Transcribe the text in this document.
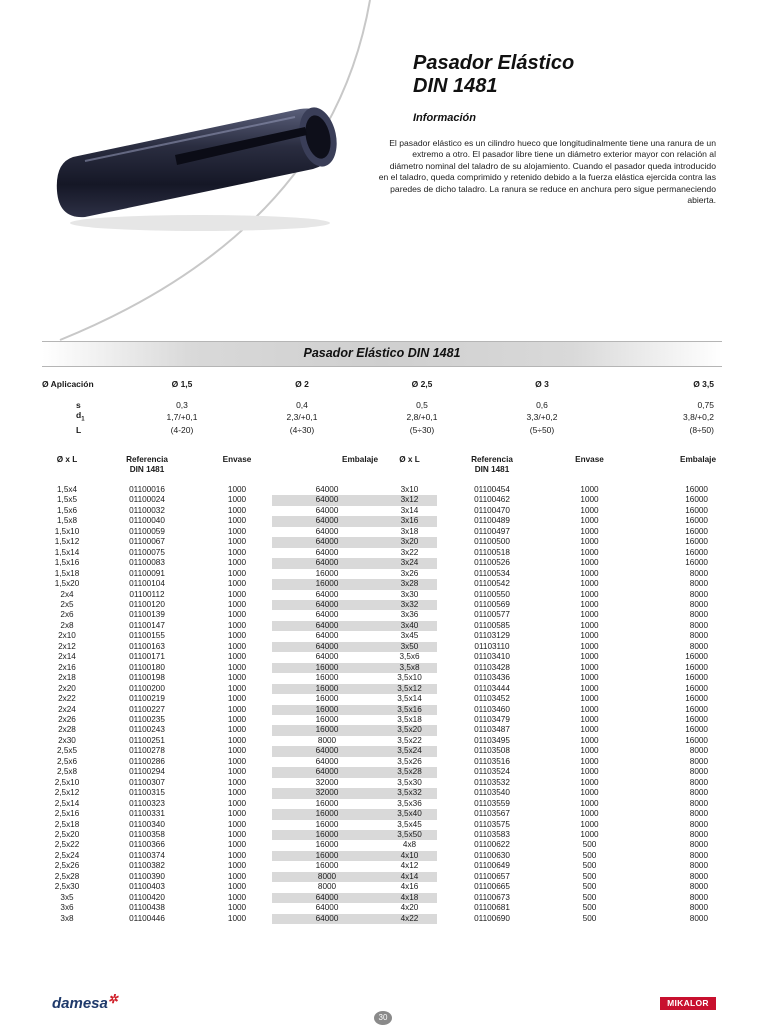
Pasador Elástico
DIN 1481
Información
El pasador elástico es un cilindro hueco que longitudinalmente tiene una ranura de un extremo a otro. El pasador libre tiene un diámetro exterior mayor con relación al diámetro nominal del taladro de su alojamiento. Cuando el pasador queda introducido en el taladro, queda comprimido y retenido debido a la fuerza elástica ejercida contra las paredes de dicho taladro. La ranura se reduce en anchura pero sigue permaneciendo abierta.
Pasador Elástico DIN 1481
Ø Aplicación	Ø 1,5	Ø 2	Ø 2,5	Ø 3	Ø 3,5
s	0,3	0,4	0,5	0,6	0,75
$d_1$	1,7/+0,1	2,3/+0,1	2,8/+0,1	3,3/+0,2	3,8/+0,2
L	(4-20)	(4÷30)	(5÷30)	(5÷50)	(8÷50)
Ø x L	Referencia DIN 1481	Envase	Embalaje	Ø x L	Referencia DIN 1481	Envase	Embalaje
1,5x4	01100016	1000	64000	3x10	01100454	1000	16000
1,5x5	01100024	1000	64000	3x12	01100462	1000	16000
1,5x6	01100032	1000	64000	3x14	01100470	1000	16000
1,5x8	01100040	1000	64000	3x16	01100489	1000	16000
1,5x10	01100059	1000	64000	3x18	01100497	1000	16000
1,5x12	01100067	1000	64000	3x20	01100500	1000	16000
1,5x14	01100075	1000	64000	3x22	01100518	1000	16000
1,5x16	01100083	1000	64000	3x24	01100526	1000	16000
1,5x18	01100091	1000	16000	3x26	01100534	1000	8000
1,5x20	01100104	1000	16000	3x28	01100542	1000	8000
2x4	01100112	1000	64000	3x30	01100550	1000	8000
2x5	01100120	1000	64000	3x32	01100569	1000	8000
2x6	01100139	1000	64000	3x36	01100577	1000	8000
2x8	01100147	1000	64000	3x40	01100585	1000	8000
2x10	01100155	1000	64000	3x45	01103129	1000	8000
2x12	01100163	1000	64000	3x50	01103110	1000	8000
2x14	01100171	1000	64000	3,5x6	01103410	1000	16000
2x16	01100180	1000	16000	3,5x8	01103428	1000	16000
2x18	01100198	1000	16000	3,5x10	01103436	1000	16000
2x20	01100200	1000	16000	3,5x12	01103444	1000	16000
2x22	01100219	1000	16000	3,5x14	01103452	1000	16000
2x24	01100227	1000	16000	3,5x16	01103460	1000	16000
2x26	01100235	1000	16000	3,5x18	01103479	1000	16000
2x28	01100243	1000	16000	3,5x20	01103487	1000	16000
2x30	01100251	1000	8000	3,5x22	01103495	1000	16000
2,5x5	01100278	1000	64000	3,5x24	01103508	1000	8000
2,5x6	01100286	1000	64000	3,5x26	01103516	1000	8000
2,5x8	01100294	1000	64000	3,5x28	01103524	1000	8000
2,5x10	01100307	1000	32000	3,5x30	01103532	1000	8000
2,5x12	01100315	1000	32000	3,5x32	01103540	1000	8000
2,5x14	01100323	1000	16000	3,5x36	01103559	1000	8000
2,5x16	01100331	1000	16000	3,5x40	01103567	1000	8000
2,5x18	01100340	1000	16000	3,5x45	01103575	1000	8000
2,5x20	01100358	1000	16000	3,5x50	01103583	1000	8000
2,5x22	01100366	1000	16000	4x8	01100622	500	8000
2,5x24	01100374	1000	16000	4x10	01100630	500	8000
2,5x26	01100382	1000	16000	4x12	01100649	500	8000
2,5x28	01100390	1000	8000	4x14	01100657	500	8000
2,5x30	01100403	1000	8000	4x16	01100665	500	8000
3x5	01100420	1000	64000	4x18	01100673	500	8000
3x6	01100438	1000	64000	4x20	01100681	500	8000
3x8	01100446	1000	64000	4x22	01100690	500	8000
damesa✲
30
MIKALOR
